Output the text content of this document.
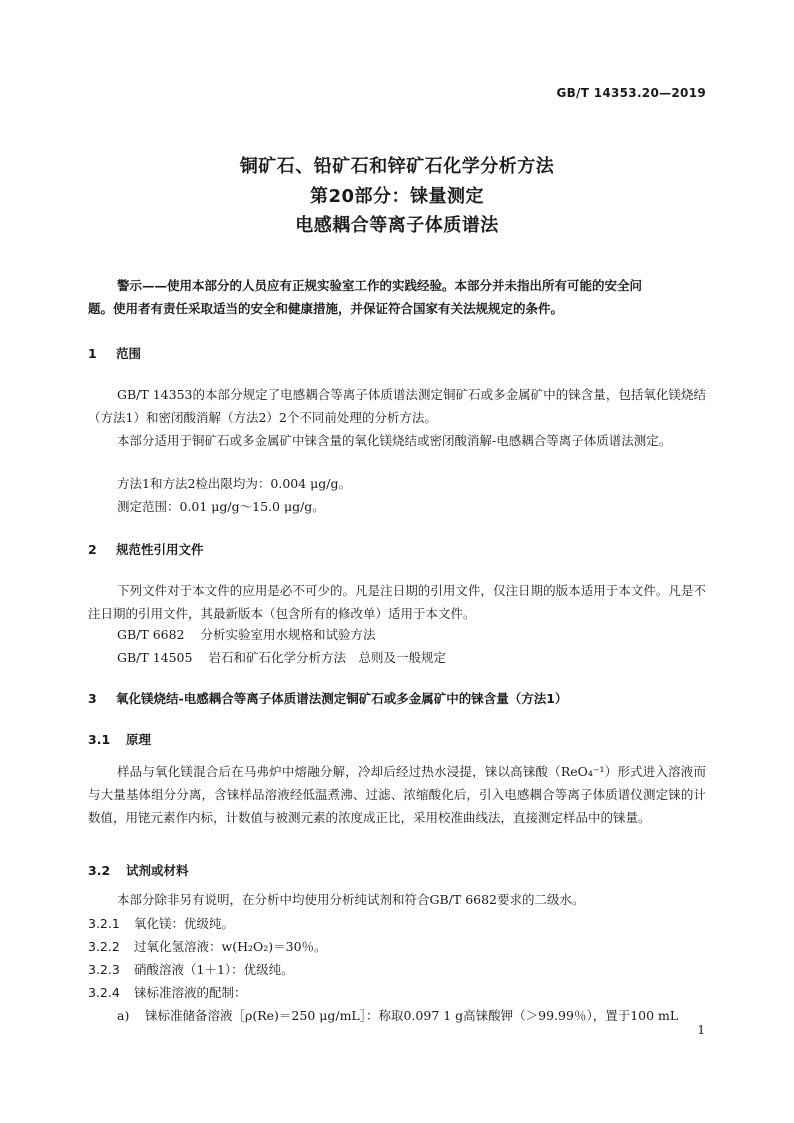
GB/T 14353.20—2019
铜矿石、铅矿石和锌矿石化学分析方法
第20部分：铼量测定
电感耦合等离子体质谱法
警示——使用本部分的人员应有正规实验室工作的实践经验。本部分并未指出所有可能的安全问
题。使用者有责任采取适当的安全和健康措施，并保证符合国家有关法规规定的条件。
1 范围
GB/T 14353的本部分规定了电感耦合等离子体质谱法测定铜矿石或多金属矿中的铼含量，包括氧化镁烧结（方法1）和密闭酸消解（方法2）2个不同前处理的分析方法。
本部分适用于铜矿石或多金属矿中铼含量的氧化镁烧结或密闭酸消解-电感耦合等离子体质谱法测定。
方法1和方法2检出限均为：0.004 μg/g。
测定范围：0.01 μg/g～15.0 μg/g。
2 规范性引用文件
下列文件对于本文件的应用是必不可少的。凡是注日期的引用文件，仅注日期的版本适用于本文件。凡是不注日期的引用文件，其最新版本（包含所有的修改单）适用于本文件。
GB/T 6682 分析实验室用水规格和试验方法
GB/T 14505 岩石和矿石化学分析方法　总则及一般规定
3 氧化镁烧结-电感耦合等离子体质谱法测定铜矿石或多金属矿中的铼含量（方法1）
3.1 原理
样品与氧化镁混合后在马弗炉中熔融分解，冷却后经过热水浸提，铼以高铼酸（ReO₄⁻¹）形式进入溶液而与大量基体组分分离，含铼样品溶液经低温煮沸、过滤、浓缩酸化后，引入电感耦合等离子体质谱仪测定铼的计数值，用铑元素作内标，计数值与被测元素的浓度成正比，采用校准曲线法，直接测定样品中的铼量。
3.2 试剂或材料
本部分除非另有说明，在分析中均使用分析纯试剂和符合GB/T 6682要求的二级水。
3.2.1 氧化镁：优级纯。
3.2.2 过氧化氢溶液：w(H₂O₂)＝30％。
3.2.3 硝酸溶液（1＋1）：优级纯。
3.2.4 铼标准溶液的配制：
a) 铼标准储备溶液［ρ(Re)＝250 μg/mL］：称取0.097 1 g高铼酸钾（＞99.99％），置于100 mL
1
